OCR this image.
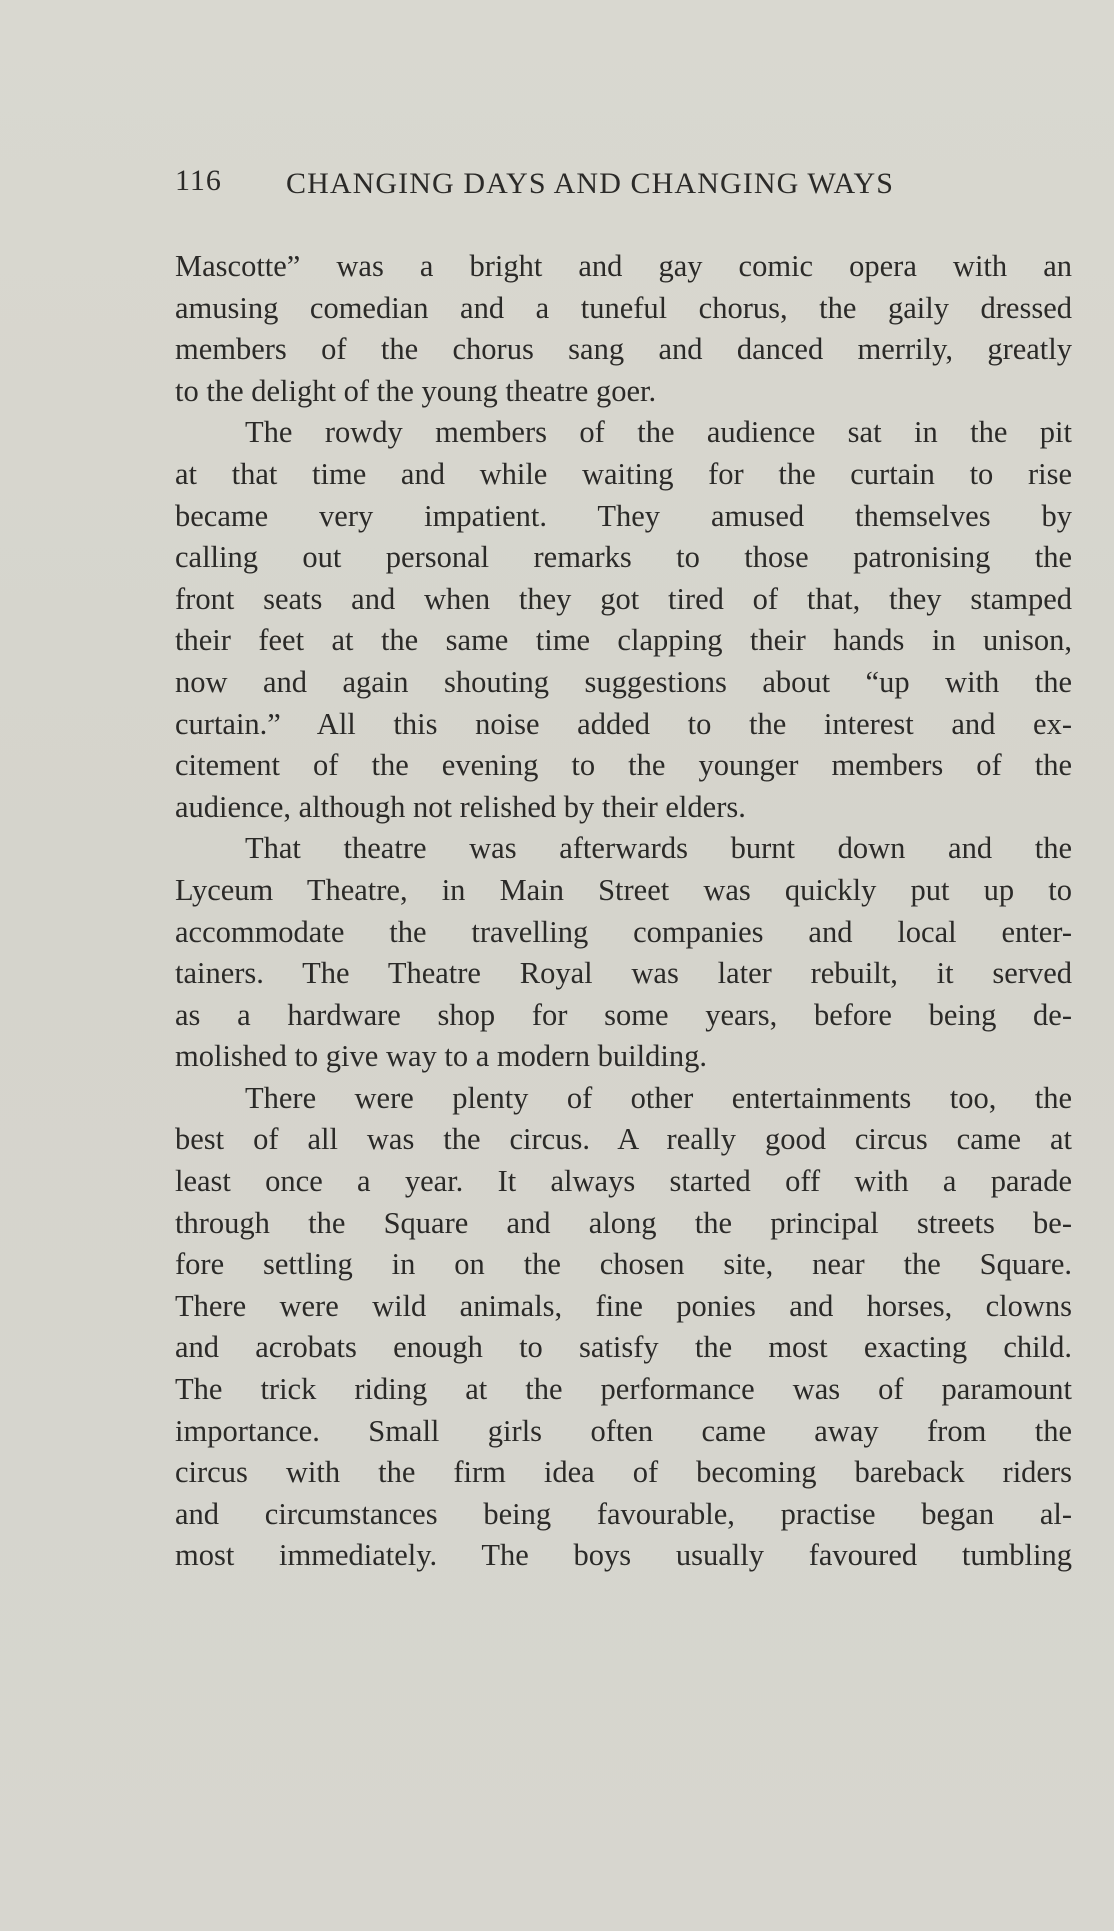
116 CHANGING DAYS AND CHANGING WAYS
Mascotte” was a bright and gay comic opera with an
amusing comedian and a tuneful chorus, the gaily dressed
members of the chorus sang and danced merrily, greatly
to the delight of the young theatre goer.
The rowdy members of the audience sat in the pit
at that time and while waiting for the curtain to rise
became very impatient. They amused themselves by
calling out personal remarks to those patronising the
front seats and when they got tired of that, they stamped
their feet at the same time clapping their hands in unison,
now and again shouting suggestions about “up with the
curtain.” All this noise added to the interest and ex-
citement of the evening to the younger members of the
audience, although not relished by their elders.
That theatre was afterwards burnt down and the
Lyceum Theatre, in Main Street was quickly put up to
accommodate the travelling companies and local enter-
tainers. The Theatre Royal was later rebuilt, it served
as a hardware shop for some years, before being de-
molished to give way to a modern building.
There were plenty of other entertainments too, the
best of all was the circus. A really good circus came at
least once a year. It always started off with a parade
through the Square and along the principal streets be-
fore settling in on the chosen site, near the Square.
There were wild animals, fine ponies and horses, clowns
and acrobats enough to satisfy the most exacting child.
The trick riding at the performance was of paramount
importance. Small girls often came away from the
circus with the firm idea of becoming bareback riders
and circumstances being favourable, practise began al-
most immediately. The boys usually favoured tumbling
